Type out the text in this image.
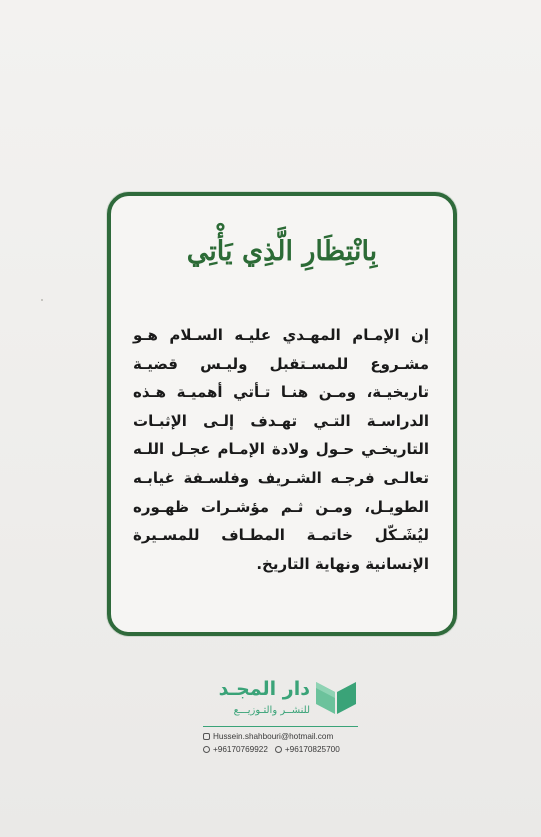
بِانْتِظَارِ الَّذِي يَأْتِي
إن الإمـام المهـدي عليـه السـلام هـو
مشـروع للمسـتقبل وليـس قضيـة
تاريخيـة، ومـن هنـا تـأتي أهميـة هـذه
الدراسـة التـي تهـدف إلـى الإثبـات
التاريخـي حـول ولادة الإمـام عجـل اللـه
تعالـى فرجـه الشـريف وفلسـفة غيابـه
الطويـل، ومـن ثـم مؤشـرات ظهـوره
ليُشَـكّل خاتمـة المطـاف للمسـيرة
الإنسانية ونهاية التاريخ.
دار المجـد
للنشــر والتـوزيـــع
Hussein.shahbouri@hotmail.com
+96170769922 +96170825700
